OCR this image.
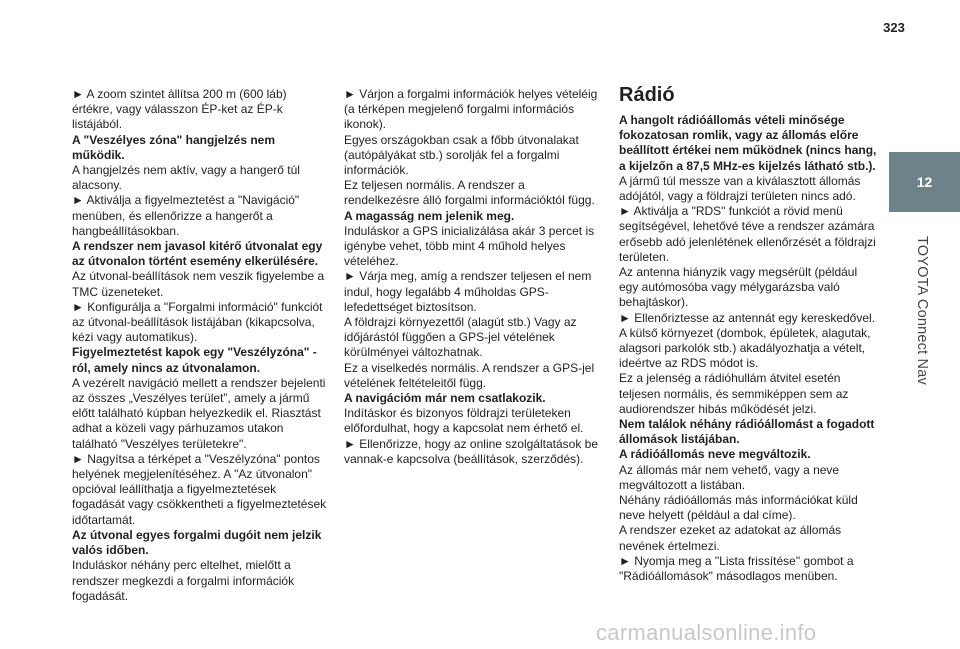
323
12
TOYOTA Connect Nav

► A zoom szintet állítsa 200 m (600 láb) értékre, vagy válasszon ÉP-ket az ÉP-k listájából.

A "Veszélyes zóna" hangjelzés nem működik.

A hangjelzés nem aktív, vagy a hangerő túl alacsony.

► Aktiválja a figyelmeztetést a "Navigáció" menüben, és ellenőrizze a hangerőt a hangbeállításokban.

A rendszer nem javasol kitérő útvonalat egy az útvonalon történt esemény elkerülésére.

Az útvonal-beállítások nem veszik figyelembe a TMC üzeneteket.

► Konfigurálja a "Forgalmi információ" funkciót az útvonal-beállítások listájában (kikapcsolva, kézi vagy automatikus).

Figyelmeztetést kapok egy "Veszélyzóna" -ról, amely nincs az útvonalamon.

A vezérelt navigáció mellett a rendszer bejelenti az összes „Veszélyes terület”, amely a jármű előtt található kúpban helyezkedik el. Riasztást adhat a közeli vagy párhuzamos utakon található "Veszélyes területekre".

► Nagyítsa a térképet a "Veszélyzóna" pontos helyének megjelenítéséhez. A "Az útvonalon" opcióval leállíthatja a figyelmeztetések fogadását vagy csökkentheti a figyelmeztetések időtartamát.

Az útvonal egyes forgalmi dugóit nem jelzik valós időben.

Induláskor néhány perc eltelhet, mielőtt a rendszer megkezdi a forgalmi információk fogadását.

► Várjon a forgalmi információk helyes vételéig (a térképen megjelenő forgalmi információs ikonok).

Egyes országokban csak a főbb útvonalakat (autópályákat stb.) sorolják fel a forgalmi információk.

Ez teljesen normális. A rendszer a rendelkezésre álló forgalmi információktól függ.

A magasság nem jelenik meg.

Induláskor a GPS inicializálása akár 3 percet is igénybe vehet, több mint 4 műhold helyes vételéhez.

► Várja meg, amíg a rendszer teljesen el nem indul, hogy legalább 4 műholdas GPS-lefedettséget biztosítson.

A földrajzi környezettől (alagút stb.) Vagy az időjárástól függően a GPS-jel vételének körülményei változhatnak.

Ez a viselkedés normális. A rendszer a GPS-jel vételének feltételeitől függ.

A navigációm már nem csatlakozik.

Indításkor és bizonyos földrajzi területeken előfordulhat, hogy a kapcsolat nem érhető el.

► Ellenőrizze, hogy az online szolgáltatások be vannak-e kapcsolva (beállítások, szerződés).

Rádió

A hangolt rádióállomás vételi minősége fokozatosan romlik, vagy az állomás előre beállított értékei nem működnek (nincs hang, a kijelzőn a 87,5 MHz-es kijelzés látható stb.).

A jármű túl messze van a kiválasztott állomás adójától, vagy a földrajzi területen nincs adó.

► Aktiválja a "RDS" funkciót a rövid menü segítségével, lehetővé téve a rendszer azámára erősebb adó jelenlétének ellenőrzését a földrajzi területen.

Az antenna hiányzik vagy megsérült (például egy autómosóba vagy mélygarázsba való behajtáskor).

► Ellenőriztesse az antennát egy kereskedővel.

A külső környezet (dombok, épületek, alagutak, alagsori parkolók stb.) akadályozhatja a vételt, ideértve az RDS módot is.

Ez a jelenség a rádióhullám átvitel esetén teljesen normális, és semmiképpen sem az audiorendszer hibás működését jelzi.

Nem találok néhány rádióállomást a fogadott állomások listájában.

A rádióállomás neve megváltozik.

Az állomás már nem vehető, vagy a neve megváltozott a listában.

Néhány rádióállomás más információkat küld neve helyett (például a dal címe).

A rendszer ezeket az adatokat az állomás nevének értelmezi.

► Nyomja meg a "Lista frissítése" gombot a "Rádióállomások" másodlagos menüben.

carmanualsonline.info
